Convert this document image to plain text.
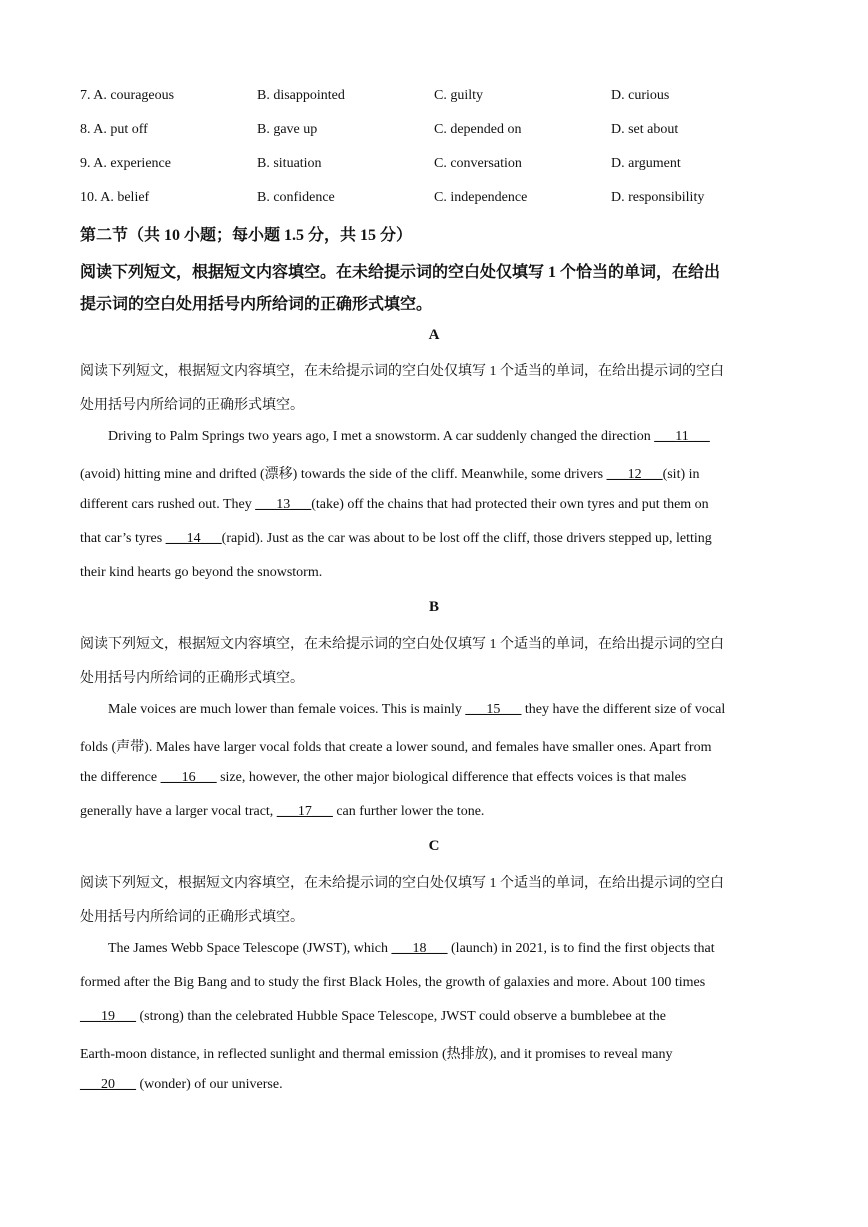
7. A. courageous	B. disappointed	C. guilty	D. curious
8. A. put off	B. gave up	C. depended on	D. set about
9. A. experience	B. situation	C. conversation	D. argument
10. A. belief	B. confidence	C. independence	D. responsibility
第二节（共 10 小题；每小题 1.5 分，共 15 分）
阅读下列短文，根据短文内容填空。在未给提示词的空白处仅填写 1 个恰当的单词，在给出
提示词的空白处用括号内所给词的正确形式填空。
A
阅读下列短文，根据短文内容填空，在未给提示词的空白处仅填写 1 个适当的单词，在给出提示词的空白
处用括号内所给词的正确形式填空。
Driving to Palm Springs two years ago, I met a snowstorm. A car suddenly changed the direction ___11___
(avoid) hitting mine and drifted (漂移) towards the side of the cliff. Meanwhile, some drivers ___12___(sit) in
different cars rushed out. They ___13___(take) off the chains that had protected their own tyres and put them on
that car’s tyres ___14___(rapid). Just as the car was about to be lost off the cliff, those drivers stepped up, letting
their kind hearts go beyond the snowstorm.
B
阅读下列短文，根据短文内容填空，在未给提示词的空白处仅填写 1 个适当的单词，在给出提示词的空白
处用括号内所给词的正确形式填空。
Male voices are much lower than female voices. This is mainly ___15___ they have the different size of vocal
folds (声带). Males have larger vocal folds that create a lower sound, and females have smaller ones. Apart from
the difference ___16___ size, however, the other major biological difference that effects voices is that males
generally have a larger vocal tract, ___17___ can further lower the tone.
C
阅读下列短文，根据短文内容填空，在未给提示词的空白处仅填写 1 个适当的单词，在给出提示词的空白
处用括号内所给词的正确形式填空。
The James Webb Space Telescope (JWST), which ___18___ (launch) in 2021, is to find the first objects that
formed after the Big Bang and to study the first Black Holes, the growth of galaxies and more. About 100 times
___19___ (strong) than the celebrated Hubble Space Telescope, JWST could observe a bumblebee at the
Earth-moon distance, in reflected sunlight and thermal emission (热排放), and it promises to reveal many
___20___ (wonder) of our universe.
